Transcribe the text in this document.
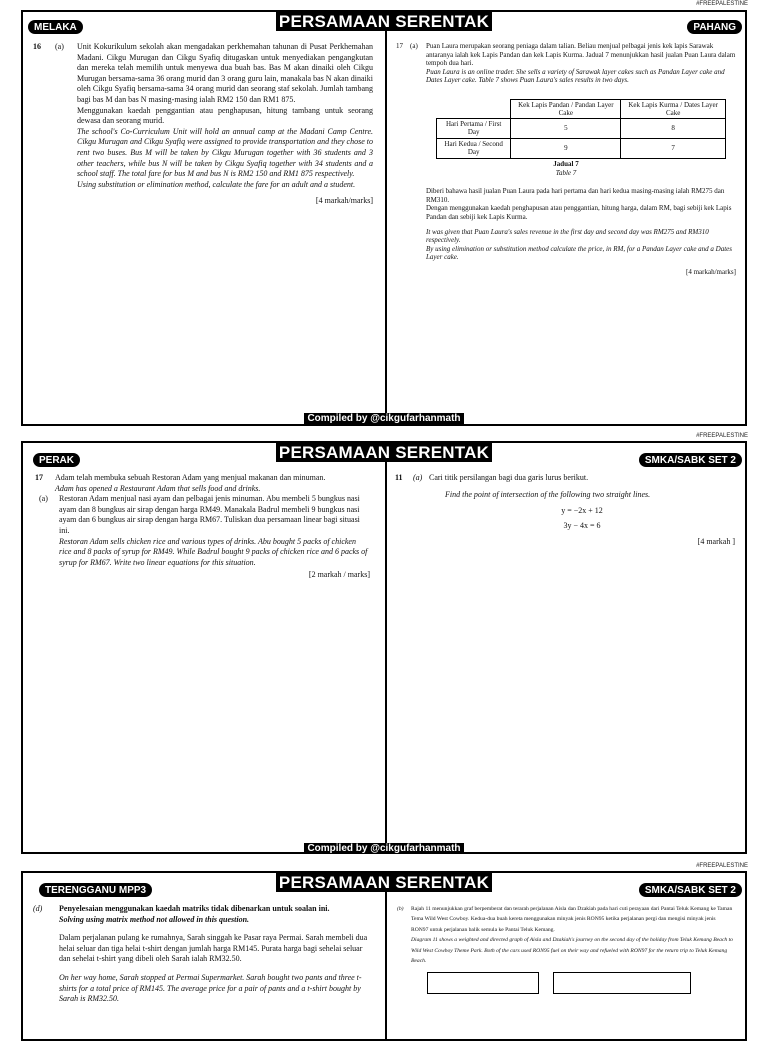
#FREEPALESTINE
PERSAMAAN SERENTAK
MELAKA	PAHANG
16	(a)	Unit Kokurikulum sekolah akan mengadakan perkhemahan tahunan di Pusat Perkhemahan Madani. Cikgu Murugan dan Cikgu Syafiq ditugaskan untuk menyediakan pengangkutan dan mereka telah memilih untuk menyewa dua buah bas. Bas M akan dinaiki oleh Cikgu Murugan bersama-sama 36 orang murid dan 3 orang guru lain, manakala bas N akan dinaiki oleh Cikgu Syafiq bersama-sama 34 orang murid dan seorang staf sekolah. Jumlah tambang bagi bas M dan bas N masing-masing ialah RM2 150 dan RM1 875.

Menggunakan kaedah penggantian atau penghapusan, hitung tambang untuk seorang dewasa dan seorang murid.

The school's Co-Curriculum Unit will hold an annual camp at the Madani Camp Centre. Cikgu Murugan and Cikgu Syafiq were assigned to provide transportation and they chose to rent two buses. Bus M will be taken by Cikgu Murugan together with 36 students and 3 other teachers, while bus N will be taken by Cikgu Syafiq together with 34 students and a school staff. The total fare for bus M and bus N is RM2 150 and RM1 875 respectively.

Using substitution or elimination method, calculate the fare for an adult and a student.

[4 markah/marks]

17	(a)	Puan Laura merupakan seorang peniaga dalam talian. Beliau menjual pelbagai jenis kek lapis Sarawak antaranya ialah kek Lapis Pandan dan kek Lapis Kurma. Jadual 7 menunjukkan hasil jualan Puan Laura dalam tempoh dua hari.

Puan Laura is an online trader. She sells a variety of Sarawak layer cakes such as Pandan Layer cake and Dates Layer cake. Table 7 shows Puan Laura's sales results in two days.

	Kek Lapis Pandan / Pandan Layer Cake	Kek Lapis Kurma / Dates Layer Cake
Hari Pertama / First Day	5	8
Hari Kedua / Second Day	9	7

Jadual 7

Table 7

Diberi bahawa hasil jualan Puan Laura pada hari pertama dan hari kedua masing-masing ialah RM275 dan RM310.

Dengan menggunakan kaedah penghapusan atau penggantian, hitung harga, dalam RM, bagi sebiji kek Lapis Pandan dan sebiji kek Lapis Kurma.

It was given that Puan Laura's sales revenue in the first day and second day was RM275 and RM310 respectively.

By using elimination or substitution method calculate the price, in RM, for a Pandan Layer cake and a Dates Layer cake.

[4 markah/marks]

Compiled by @cikgufarhanmath
#FREEPALESTINE
PERSAMAAN SERENTAK
PERAK	SMKA/SABK SET 2
17	Adam telah membuka sebuah Restoran Adam yang menjual makanan dan minuman.

Adam has opened a Restaurant Adam that sells food and drinks.

(a)	Restoran Adam menjual nasi ayam dan pelbagai jenis minuman. Abu membeli 5 bungkus nasi ayam dan 8 bungkus air sirap dengan harga RM49. Manakala Badrul membeli 9 bungkus nasi ayam dan 6 bungkus air sirap dengan harga RM67. Tuliskan dua persamaan linear bagi situasi ini.

Restoran Adam sells chicken rice and various types of drinks. Abu bought 5 packs of chicken rice and 8 packs of syrup for RM49. While Badrul bought 9 packs of chicken rice and 6 packs of syrup for RM67. Write two linear equations for this situation.

[2 markah / marks]

11	(a) Cari titik persilangan bagi dua garis lurus berikut.

Find the point of intersection of the following two straight lines.

y = −2x + 12

3y − 4x = 6

[4 markah ]

Compiled by @cikgufarhanmath
#FREEPALESTINE
PERSAMAAN SERENTAK
TERENGGANU MPP3	SMKA/SABK SET 2
(d)	Penyelesaian menggunakan kaedah matriks tidak dibenarkan untuk soalan ini.

Solving using matrix method not allowed in this question.

Dalam perjalanan pulang ke rumahnya, Sarah singgah ke Pasar raya Permai. Sarah membeli dua helai seluar dan tiga helai t-shirt dengan jumlah harga RM145. Purata harga bagi sehelai seluar dan sehelai t-shirt yang dibeli oleh Sarah ialah RM32.50.

On her way home, Sarah stopped at Permai Supermarket. Sarah bought two pants and three t-shirts for a total price of RM145. The average price for a pair of pants and a t-shirt bought by Sarah is RM32.50.

(b)	Rajah 11 menunjukkan graf berpemberat dan terarah perjalanan Aisla dan Dzakiah pada hari cuti perayaan dari Pantai Teluk Kemang ke Taman Tema Wild West Cowboy. Kedua-dua buah kereta menggunakan minyak jenis RON95 ketika perjalanan pergi dan mengisi minyak jenis RON97 untuk perjalanan balik semula ke Pantai Teluk Kemang.

Diagram 11 shows a weighted and directed graph of Aisla and Dzakiah's journey on the second day of the holiday from Teluk Kemang Beach to Wild West Cowboy Theme Park. Both of the cars used RON95 fuel on their way and refueled with RON97 for the return trip to Teluk Kemang Beach.
